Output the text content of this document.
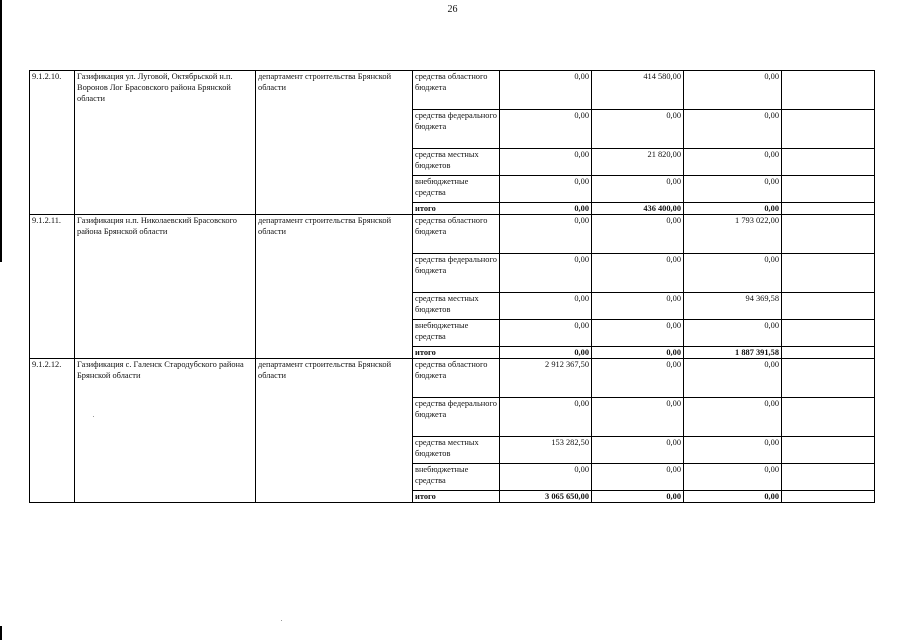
26
9.1.2.10.	Газификация ул. Луговой, Октябрьской н.п. Воронов Лог Брасовского района Брянской области	департамент строительства Брянской области	средства областного бюджета	0,00	414 580,00	0,00	
			средства федерального бюджета	0,00	0,00	0,00	
			средства местных бюджетов	0,00	21 820,00	0,00	
			внебюджетные средства	0,00	0,00	0,00	
			итого	0,00	436 400,00	0,00	
9.1.2.11.	Газификация н.п. Николаевский Брасовского района Брянской области	департамент строительства Брянской области	средства областного бюджета	0,00	0,00	1 793 022,00	
			средства федерального бюджета	0,00	0,00	0,00	
			средства местных бюджетов	0,00	0,00	94 369,58	
			внебюджетные средства	0,00	0,00	0,00	
			итого	0,00	0,00	1 887 391,58	
9.1.2.12.	Газификация с. Галенск Стародубского района Брянской области	департамент строительства Брянской области	средства областного бюджета	2 912 367,50	0,00	0,00	
			средства федерального бюджета	0,00	0,00	0,00	
			средства местных бюджетов	153 282,50	0,00	0,00	
			внебюджетные средства	0,00	0,00	0,00	
			итого	3 065 650,00	0,00	0,00	
